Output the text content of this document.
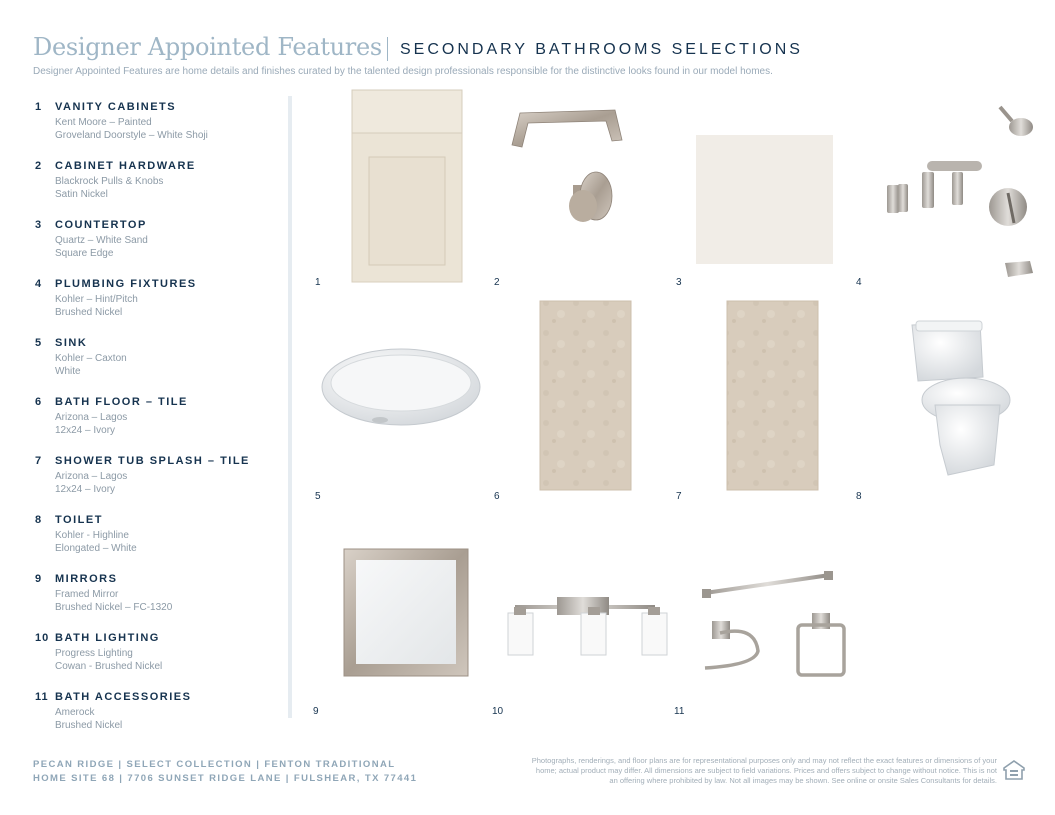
Designer Appointed Features SECONDARY BATHROOMS SELECTIONS
Designer Appointed Features are home details and finishes curated by the talented design professionals responsible for the distinctive looks found in our model homes.
1 VANITY CABINETS
Kent Moore – Painted
Groveland Doorstyle – White Shoji
2 CABINET HARDWARE
Blackrock Pulls & Knobs
Satin Nickel
3 COUNTERTOP
Quartz – White Sand
Square Edge
4 PLUMBING FIXTURES
Kohler – Hint/Pitch
Brushed Nickel
5 SINK
Kohler – Caxton
White
6 BATH FLOOR – TILE
Arizona – Lagos
12x24 – Ivory
7 SHOWER TUB SPLASH – TILE
Arizona – Lagos
12x24 – Ivory
8 TOILET
Kohler - Highline
Elongated – White
9 MIRRORS
Framed Mirror
Brushed Nickel – FC-1320
10 BATH LIGHTING
Progress Lighting
Cowan - Brushed Nickel
11 BATH ACCESSORIES
Amerock
Brushed Nickel
1	2	3	4
5	6	7	8
9	10	11
PECAN RIDGE | SELECT COLLECTION | FENTON TRADITIONAL
HOME SITE 68 | 7706 SUNSET RIDGE LANE | FULSHEAR, TX 77441
Photographs, renderings, and floor plans are for representational purposes only and may not reflect the exact features or dimensions of your home; actual product may differ. All dimensions are subject to field variations. Prices and offers subject to change without notice. This is not an offering where prohibited by law. Not all images may be shown. See online or onsite Sales Consultants for details.
